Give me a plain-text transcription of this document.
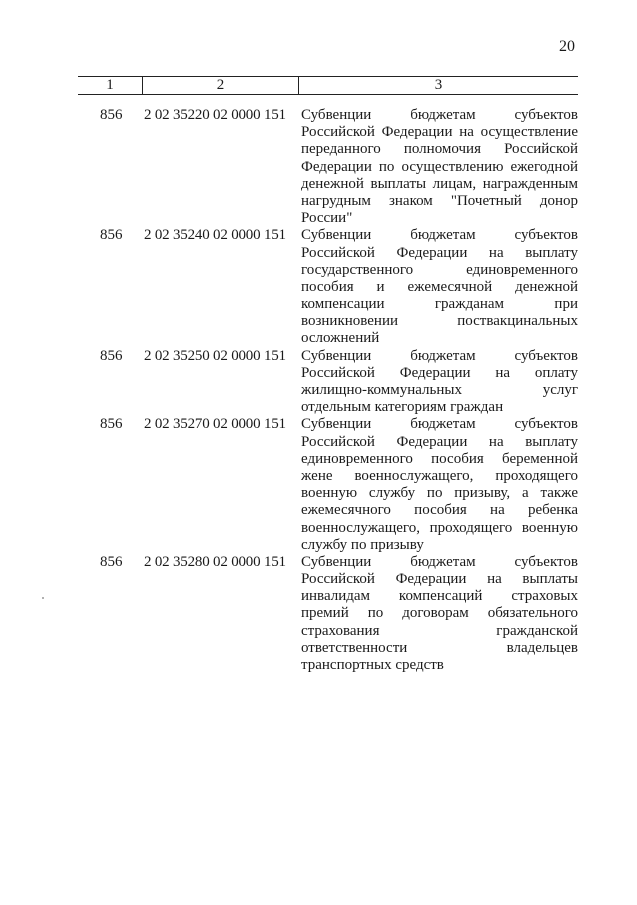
20
1	2	3
856	2 02 35220 02 0000 151	Субвенции бюджетам субъектов
Российской Федерации на осуществление
переданного полномочия Российской
Федерации по осуществлению ежегодной
денежной выплаты лицам, награжденным
нагрудным знаком "Почетный донор
России"
856	2 02 35240 02 0000 151	Субвенции бюджетам субъектов
Российской Федерации на выплату
государственного единовременного
пособия и ежемесячной денежной
компенсации гражданам при
возникновении поствакцинальных
осложнений
856	2 02 35250 02 0000 151	Субвенции бюджетам субъектов
Российской Федерации на оплату
жилищно-коммунальных услуг
отдельным категориям граждан
856	2 02 35270 02 0000 151	Субвенции бюджетам субъектов
Российской Федерации на выплату
единовременного пособия беременной
жене военнослужащего, проходящего
военную службу по призыву, а также
ежемесячного пособия на ребенка
военнослужащего, проходящего военную
службу по призыву
856	2 02 35280 02 0000 151	Субвенции бюджетам субъектов
Российской Федерации на выплаты
инвалидам компенсаций страховых
премий по договорам обязательного
страхования гражданской
ответственности владельцев
транспортных средств
